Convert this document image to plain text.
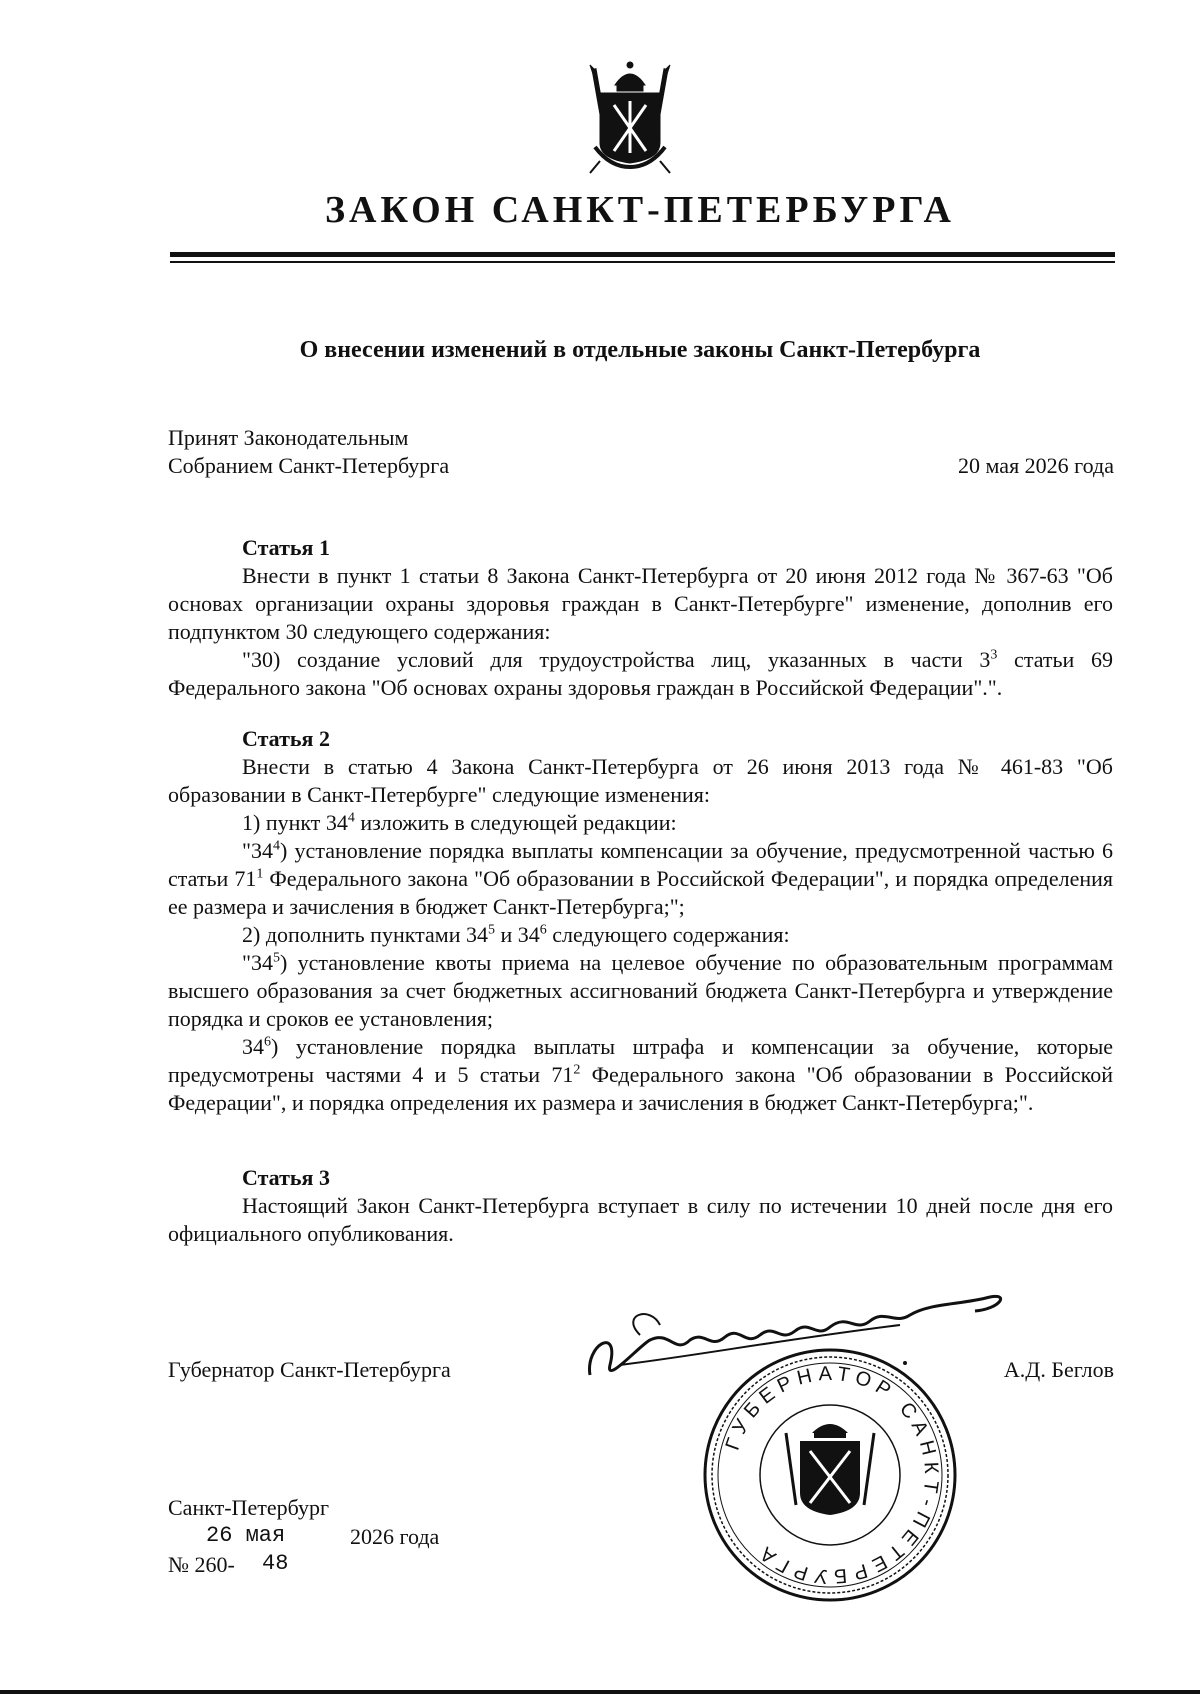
ЗАКОН САНКТ-ПЕТЕРБУРГА
О внесении изменений в отдельные законы Санкт-Петербурга
Принят Законодательным
Собранием Санкт-Петербурга	20 мая 2026 года
Статья 1

Внести в пункт 1 статьи 8 Закона Санкт-Петербурга от 20 июня 2012 года № 367-63 "Об основах организации охраны здоровья граждан в Санкт-Петербурге" изменение, дополнив его подпунктом 30 следующего содержания:

"30) создание условий для трудоустройства лиц, указанных в части $3^3$ статьи 69 Федерального закона "Об основах охраны здоровья граждан в Российской Федерации".".

Статья 2

Внести в статью 4 Закона Санкт-Петербурга от 26 июня 2013 года № 461-83 "Об образовании в Санкт-Петербурге" следующие изменения:

1) пункт $34^4$ изложить в следующей редакции:

"$34^4$) установление порядка выплаты компенсации за обучение, предусмотренной частью 6 статьи $71^1$ Федерального закона "Об образовании в Российской Федерации", и порядка определения ее размера и зачисления в бюджет Санкт-Петербурга;";

2) дополнить пунктами $34^5$ и $34^6$ следующего содержания:

"$34^5$) установление квоты приема на целевое обучение по образовательным программам высшего образования за счет бюджетных ассигнований бюджета Санкт-Петербурга и утверждение порядка и сроков ее установления;

$34^6$) установление порядка выплаты штрафа и компенсации за обучение, которые предусмотрены частями 4 и 5 статьи $71^2$ Федерального закона "Об образовании в Российской Федерации", и порядка определения их размера и зачисления в бюджет Санкт-Петербурга;".

Статья 3

Настоящий Закон Санкт-Петербурга вступает в силу по истечении 10 дней после дня его официального опубликования.

Губернатор Санкт-Петербурга	А.Д. Беглов
ГУБЕРНАТОР САНКТ-ПЕТЕРБУРГА
Санкт-Петербург
26 мая	2026 года
№ 260- 48
